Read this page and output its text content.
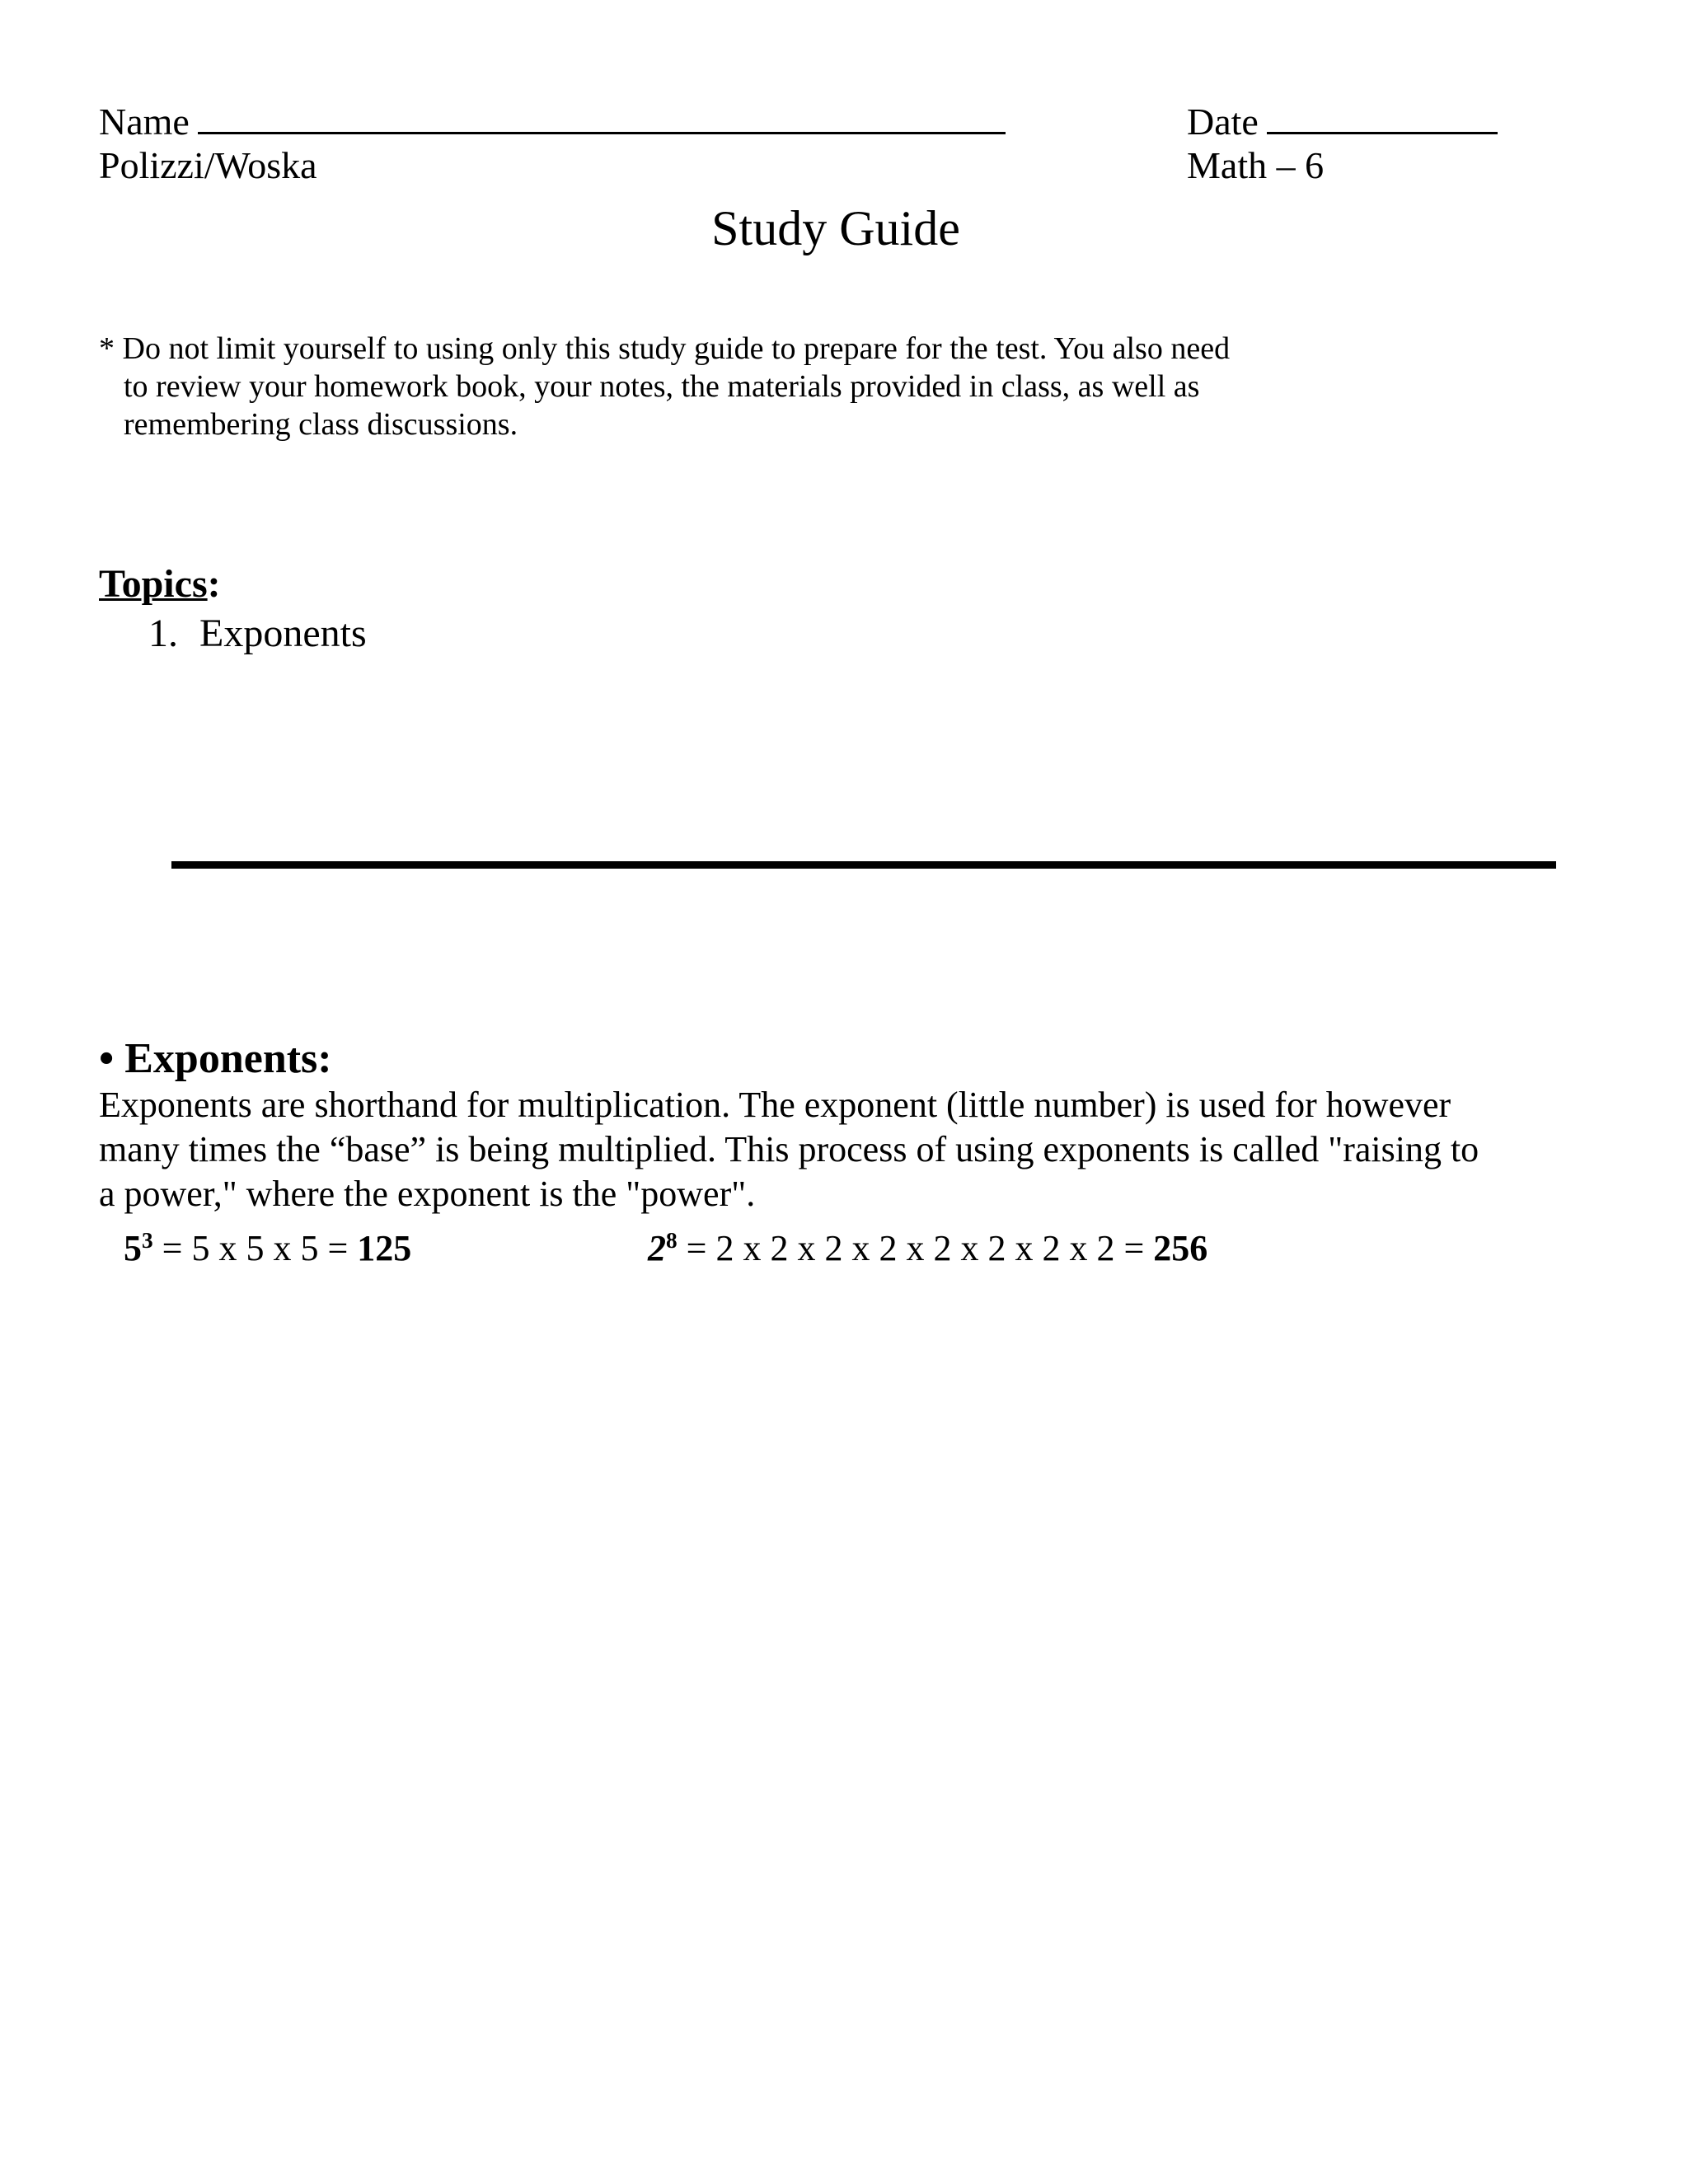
Name	Date
Polizzi/Woska	Math – 6
Study Guide
* Do not limit yourself to using only this study guide to prepare for the test. You also need
to review your homework book, your notes, the materials provided in class, as well as
remembering class discussions.
Topics:
1. Exponents
• Exponents:
Exponents are shorthand for multiplication. The exponent (little number) is used for however
many times the “base” is being multiplied. This process of using exponents is called "raising to
a power," where the exponent is the "power".
$5^3 = 5$ x 5 x 5 = 125	$2^8 = 2$ x 2 x 2 x 2 x 2 x 2 x 2 x 2 = 256
